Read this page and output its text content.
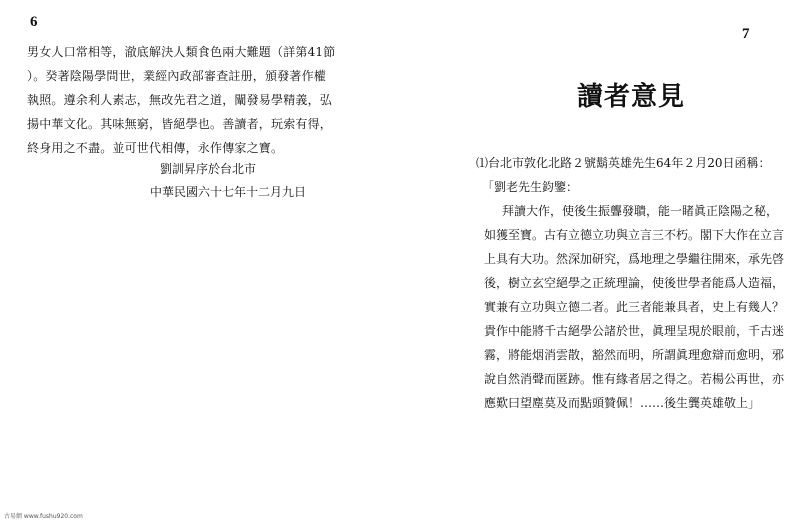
6
男女人口常相等，澈底解決人類食色兩大難題（詳第41節
）。癸著陰陽學問世，業經內政部審查註册，頒發著作權
執照。遵余利人素志，無改先君之道，闡發易學精義，弘
揚中華文化。其味無窮，皆絕學也。善讀者，玩索有得，
終身用之不盡。並可世代相傳，永作傳家之寶。
劉訓昇序於台北市
中華民國六十七年十二月九日
7
讀者意見
⑴台北市敦化北路２號鬍英雄先生64年２月20日函稱：
「劉老先生鈞鑒：
拜讀大作，使後生振聾發聵，能一睹眞正陰陽之秘，
如獲至寶。古有立德立功與立言三不朽。閣下大作在立言
上具有大功。然深加研究，爲地理之學繼往開來，承先啓
後，樹立玄空絕學之正統理論，使後世學者能爲人造福，
實兼有立功與立德二者。此三者能兼具者，史上有幾人？
貴作中能將千古絕學公諸於世，眞理呈現於眼前，千古迷
霧，將能烟消雲散，豁然而明，所謂眞理愈辯而愈明，邪
說自然消聲而匿跡。惟有緣者居之得之。若楊公再世，亦
應歎曰望塵莫及而點頭贊佩！……後生龔英雄敬上」
古易網 www.fushu920.com
